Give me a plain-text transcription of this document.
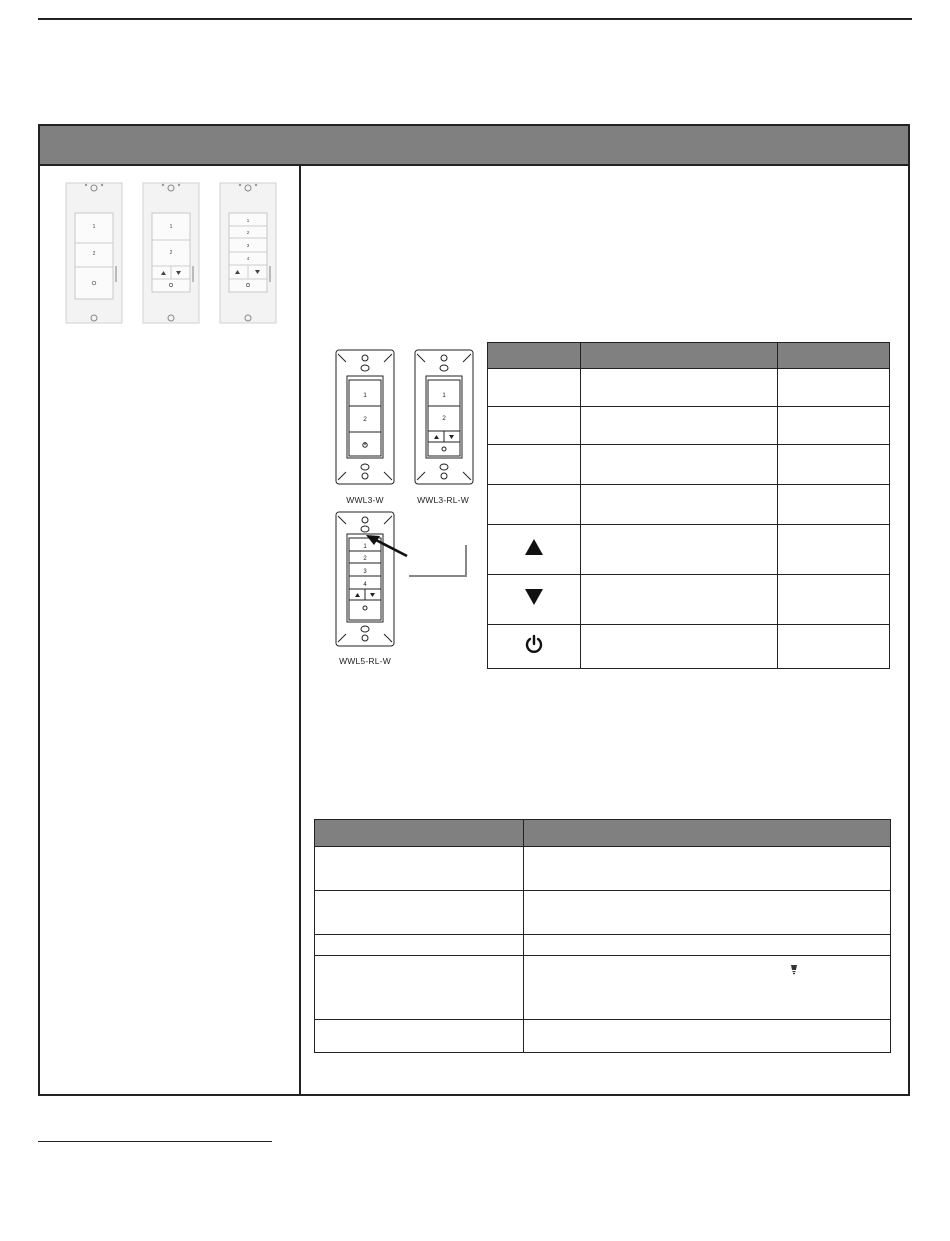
1
2
1
2
1
2
3
4
1
2
1
2
1
2
3
4
WWL3-W	WWL3-RL-W
WWL5-RL-W
